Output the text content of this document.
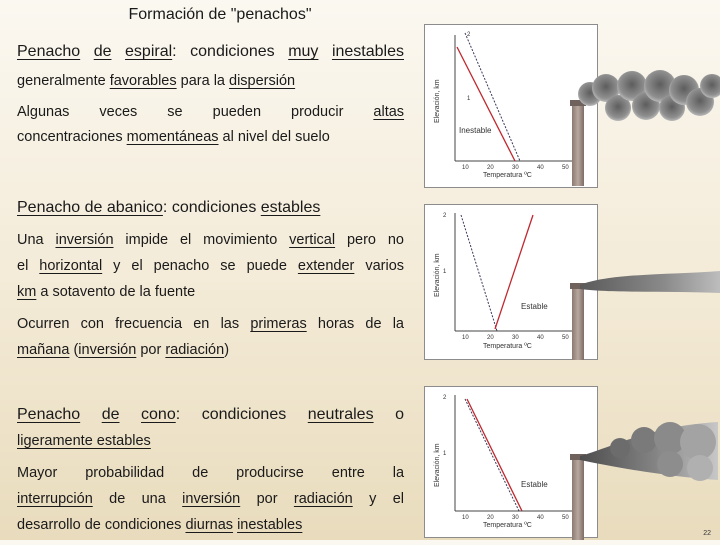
Formación de "penachos"
Penacho de espiral: condiciones muy inestables
generalmente favorables para la dispersión
Algunas veces se pueden producir altas
concentraciones momentáneas al nivel del suelo
Elevación, km
2
1
10	20	30	40	50
Temperatura ºC
Inestable
Penacho de abanico: condiciones estables
Una inversión impide el movimiento vertical pero no
el horizontal y el penacho se puede extender varios
km a sotavento de la fuente
Ocurren con frecuencia en las primeras horas de la
mañana (inversión por radiación)
Elevación, km
2
1
10	20	30	40	50
Temperatura ºC
Estable
Penacho de cono: condiciones neutrales o
ligeramente estables
Mayor probabilidad de producirse entre la
interrupción de una inversión por radiación y el
desarrollo de condiciones diurnas inestables
Elevación, km
2
1
10	20	30	40	50
Temperatura ºC
Estable
22
